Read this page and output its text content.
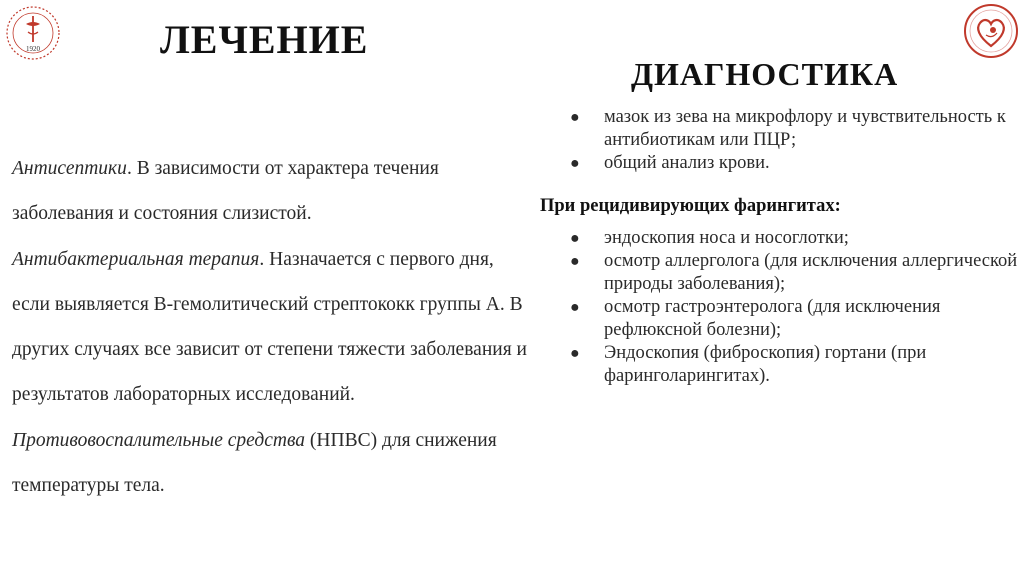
1920	ЛЕЧЕНИЕ
ДИАГНОСТИКА

Антисептики. В зависимости от характера течения заболевания и состояния слизистой.

Антибактериальная терапия. Назначается с первого дня, если выявляется В-гемолитический стрептококк группы А. В других случаях все зависит от степени тяжести заболевания и результатов лабораторных исследований.

Противовоспалительные средства (НПВС) для снижения температуры тела.

● мазок из зева на микрофлору и чувствительность к антибиотикам или ПЦР;
● общий анализ крови.
При рецидивирующих фарингитах:
● эндоскопия носа и носоглотки;
● осмотр аллерголога (для исключения аллергической природы заболевания);
● осмотр гастроэнтеролога (для исключения рефлюксной болезни);
● Эндоскопия (фиброскопия) гортани (при фаринголарингитах).
